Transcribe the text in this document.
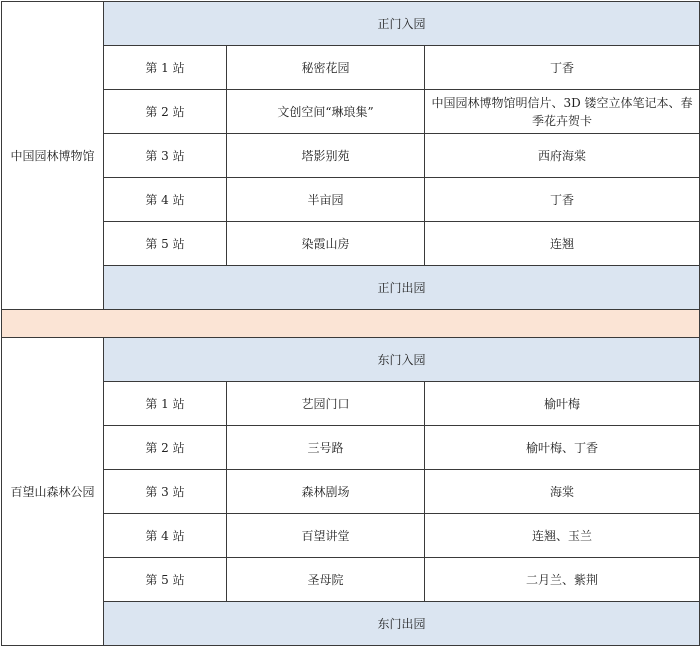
中国园林博物馆	正门入园		
	第 1 站	秘密花园	丁香
	第 2 站	文创空间“琳琅集”	中国园林博物馆明信片、3D 镂空立体笔记本、春季花卉贺卡
	第 3 站	塔影别苑	西府海棠
	第 4 站	半亩园	丁香
	第 5 站	染霞山房	连翘
	正门出园		

百望山森林公园	东门入园		
	第 1 站	艺园门口	榆叶梅
	第 2 站	三号路	榆叶梅、丁香
	第 3 站	森林剧场	海棠
	第 4 站	百望讲堂	连翘、玉兰
	第 5 站	圣母院	二月兰、紫荆
	东门出园		
